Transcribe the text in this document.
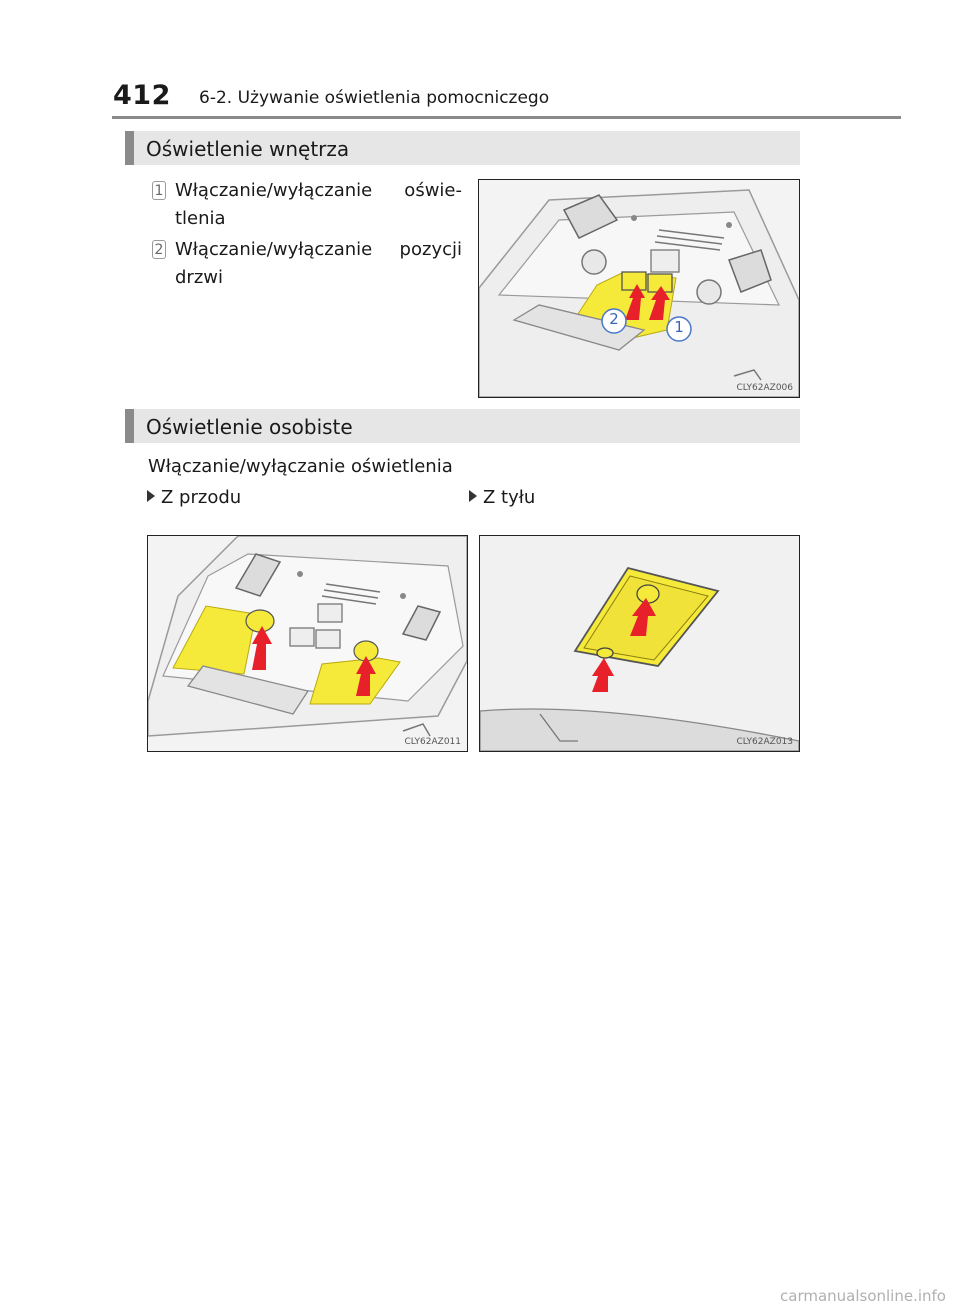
412 6-2. Używanie oświetlenia pomocniczego
Oświetlenie wnętrza
1 Włączanie/wyłączanie oświe-
tlenia
2 Włączanie/wyłączanie pozycji
drzwi
2	1
CLY62AZ006
Oświetlenie osobiste
Włączanie/wyłączanie oświetlenia
Z przodu	Z tyłu
CLY62AZ011	CLY62AZ013
carmanualsonline.info
